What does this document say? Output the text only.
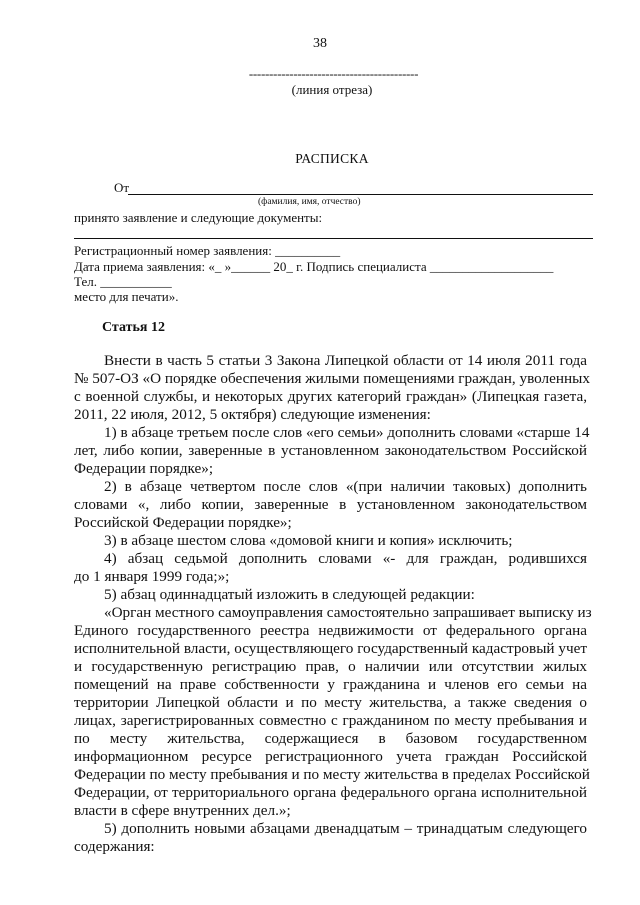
38
------------------------------------------
(линия отреза)
РАСПИСКА
От
(фамилия, имя, отчество)
принято заявление и следующие документы:
Регистрационный номер заявления: __________
Дата приема заявления: «_ »______ 20_ г. Подпись специалиста ___________________
Тел. ___________
место для печати».
Статья 12
Внести в часть 5 статьи 3 Закона Липецкой области от 14 июля 2011 года
№ 507-ОЗ «О порядке обеспечения жилыми помещениями граждан, уволенных
с военной службы, и некоторых других категорий граждан» (Липецкая газета,
2011, 22 июля, 2012, 5 октября) следующие изменения:
1) в абзаце третьем после слов «его семьи» дополнить словами «старше 14
лет, либо копии, заверенные в установленном законодательством Российской
Федерации порядке»;
2) в абзаце четвертом после слов «(при наличии таковых) дополнить
словами «, либо копии, заверенные в установленном законодательством
Российской Федерации порядке»;
3) в абзаце шестом слова «домовой книги и копия» исключить;
4) абзац седьмой дополнить словами «- для граждан, родившихся
до 1 января 1999 года;»;
5) абзац одиннадцатый изложить в следующей редакции:
«Орган местного самоуправления самостоятельно запрашивает выписку из
Единого государственного реестра недвижимости от федерального органа
исполнительной власти, осуществляющего государственный кадастровый учет
и государственную регистрацию прав, о наличии или отсутствии жилых
помещений на праве собственности у гражданина и членов его семьи на
территории Липецкой области и по месту жительства, а также сведения о
лицах, зарегистрированных совместно с гражданином по месту пребывания и
по месту жительства, содержащиеся в базовом государственном
информационном ресурсе регистрационного учета граждан Российской
Федерации по месту пребывания и по месту жительства в пределах Российской
Федерации, от территориального органа федерального органа исполнительной
власти в сфере внутренних дел.»;
5) дополнить новыми абзацами двенадцатым – тринадцатым следующего
содержания:
